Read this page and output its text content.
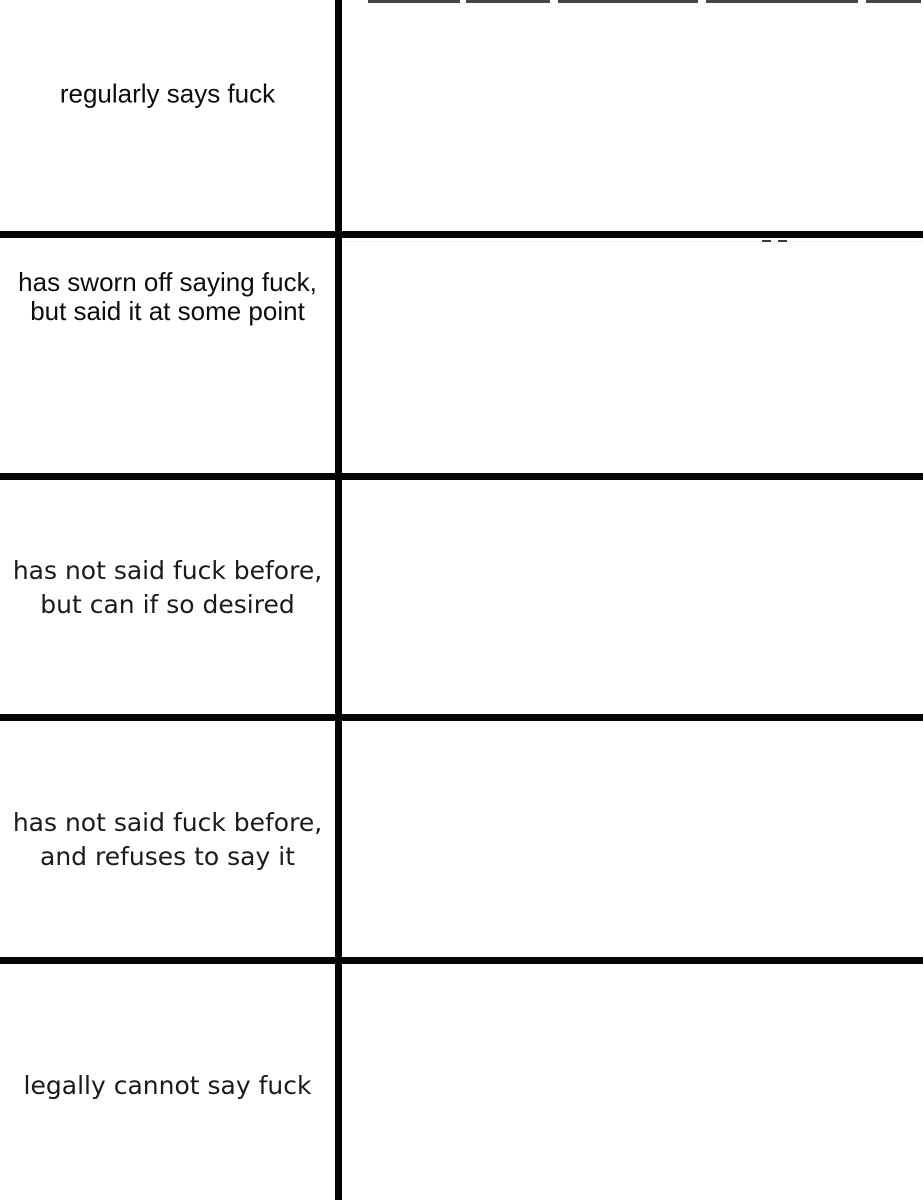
regularly says fuck
has sworn off saying fuck,
but said it at some point
has not said fuck before,
but can if so desired
has not said fuck before,
and refuses to say it
legally cannot say fuck
